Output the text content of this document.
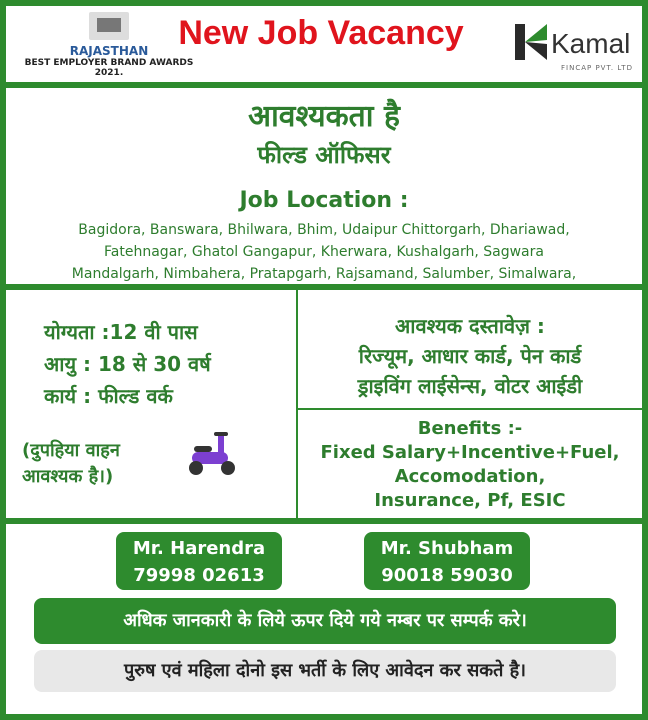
RAJASTHAN
BEST EMPLOYER BRAND AWARDS 2021.
New Job Vacancy	Kamal
FINCAP PVT. LTD
आवश्यकता है
फील्ड ऑफिसर
Job Location :
Bagidora, Banswara, Bhilwara, Bhim, Udaipur Chittorgarh, Dhariawad,
Fatehnagar, Ghatol Gangapur, Kherwara, Kushalgarh, Sagwara
Mandalgarh, Nimbahera, Pratapgarh, Rajsamand, Salumber, Simalwara,
योग्यता :12 वी पास
आयु : 18 से 30 वर्ष
कार्य : फील्ड वर्क
(दुपहिया वाहन
आवश्यक है।)
आवश्यक दस्तावेज़ :
रिज्यूम, आधार कार्ड, पेन कार्ड
ड्राइविंग लाईसेन्स, वोटर आईडी
Benefits :-
Fixed Salary+Incentive+Fuel,
Accomodation,
Insurance, Pf, ESIC
Mr. Harendra
79998 02613
Mr. Shubham
90018 59030
अधिक जानकारी के लिये ऊपर दिये गये नम्बर पर सम्पर्क करे।
पुरुष एवं महिला दोनो इस भर्ती के लिए आवेदन कर सकते है।
